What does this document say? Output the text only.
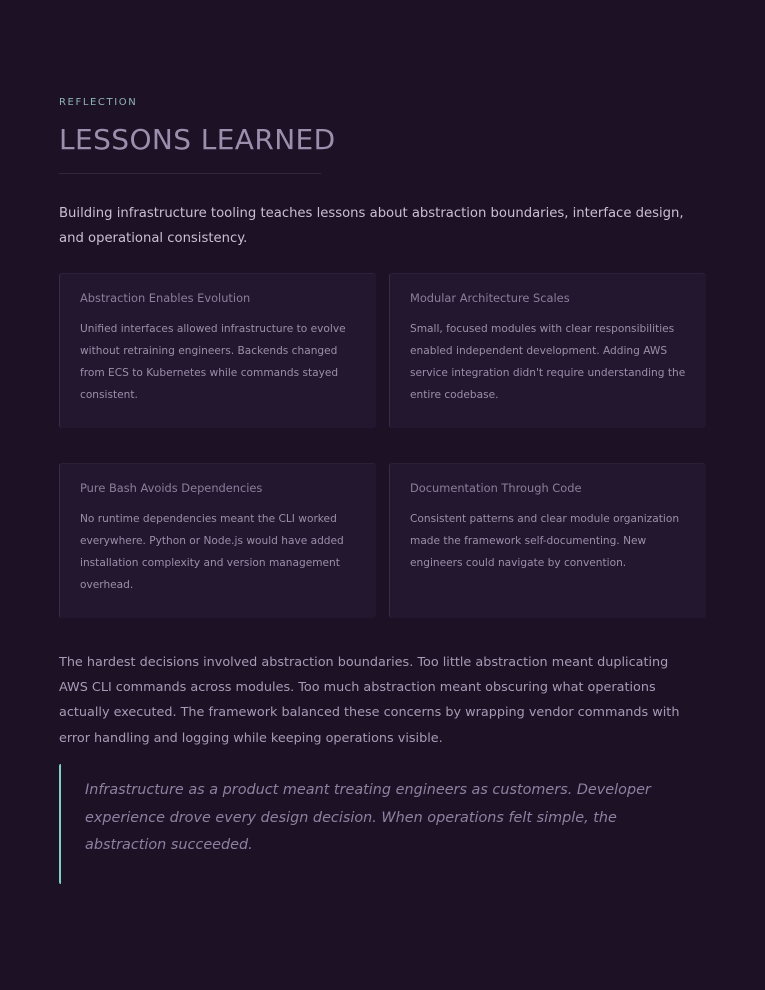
REFLECTION
LESSONS LEARNED

Building infrastructure tooling teaches lessons about abstraction boundaries, interface design, and operational consistency.

Abstraction Enables Evolution

Unified interfaces allowed infrastructure to evolve without retraining engineers. Backends changed from ECS to Kubernetes while commands stayed consistent.

Modular Architecture Scales

Small, focused modules with clear responsibilities enabled independent development. Adding AWS service integration didn't require understanding the entire codebase.

Pure Bash Avoids Dependencies

No runtime dependencies meant the CLI worked everywhere. Python or Node.js would have added installation complexity and version management overhead.

Documentation Through Code

Consistent patterns and clear module organization made the framework self-documenting. New engineers could navigate by convention.

The hardest decisions involved abstraction boundaries. Too little abstraction meant duplicating AWS CLI commands across modules. Too much abstraction meant obscuring what operations actually executed. The framework balanced these concerns by wrapping vendor commands with error handling and logging while keeping operations visible.

Infrastructure as a product meant treating engineers as customers. Developer experience drove every design decision. When operations felt simple, the abstraction succeeded.
